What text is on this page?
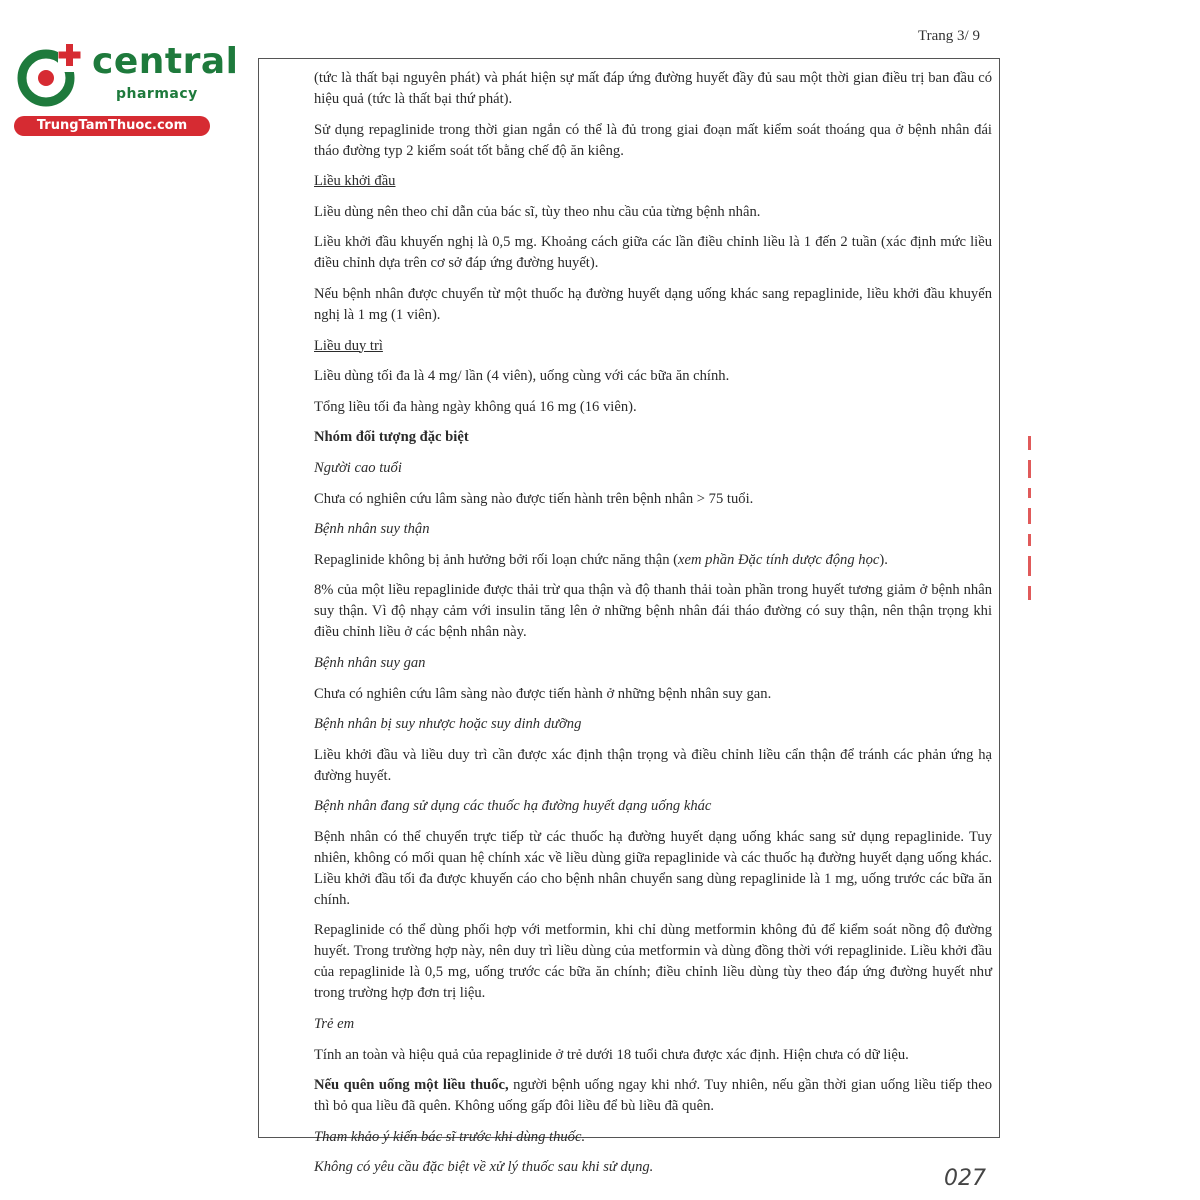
central
pharmacy
TrungTamThuoc.com
Trang 3/ 9

(tức là thất bại nguyên phát) và phát hiện sự mất đáp ứng đường huyết đầy đủ sau một thời gian điều trị ban đầu có hiệu quả (tức là thất bại thứ phát).

Sử dụng repaglinide trong thời gian ngắn có thể là đủ trong giai đoạn mất kiểm soát thoáng qua ở bệnh nhân đái tháo đường typ 2 kiểm soát tốt bằng chế độ ăn kiêng.

Liều khởi đầu

Liều dùng nên theo chỉ dẫn của bác sĩ, tùy theo nhu cầu của từng bệnh nhân.

Liều khởi đầu khuyến nghị là 0,5 mg. Khoảng cách giữa các lần điều chỉnh liều là 1 đến 2 tuần (xác định mức liều điều chỉnh dựa trên cơ sở đáp ứng đường huyết).

Nếu bệnh nhân được chuyển từ một thuốc hạ đường huyết dạng uống khác sang repaglinide, liều khởi đầu khuyến nghị là 1 mg (1 viên).

Liều duy trì

Liều dùng tối đa là 4 mg/ lần (4 viên), uống cùng với các bữa ăn chính.

Tổng liều tối đa hàng ngày không quá 16 mg (16 viên).

Nhóm đối tượng đặc biệt

Người cao tuổi

Chưa có nghiên cứu lâm sàng nào được tiến hành trên bệnh nhân > 75 tuổi.

Bệnh nhân suy thận

Repaglinide không bị ảnh hưởng bởi rối loạn chức năng thận (xem phần Đặc tính dược động học).

8% của một liều repaglinide được thải trừ qua thận và độ thanh thải toàn phần trong huyết tương giảm ở bệnh nhân suy thận. Vì độ nhạy cảm với insulin tăng lên ở những bệnh nhân đái tháo đường có suy thận, nên thận trọng khi điều chỉnh liều ở các bệnh nhân này.

Bệnh nhân suy gan

Chưa có nghiên cứu lâm sàng nào được tiến hành ở những bệnh nhân suy gan.

Bệnh nhân bị suy nhược hoặc suy dinh dưỡng

Liều khởi đầu và liều duy trì cần được xác định thận trọng và điều chỉnh liều cẩn thận để tránh các phản ứng hạ đường huyết.

Bệnh nhân đang sử dụng các thuốc hạ đường huyết dạng uống khác

Bệnh nhân có thể chuyển trực tiếp từ các thuốc hạ đường huyết dạng uống khác sang sử dụng repaglinide. Tuy nhiên, không có mối quan hệ chính xác về liều dùng giữa repaglinide và các thuốc hạ đường huyết dạng uống khác. Liều khởi đầu tối đa được khuyến cáo cho bệnh nhân chuyển sang dùng repaglinide là 1 mg, uống trước các bữa ăn chính.

Repaglinide có thể dùng phối hợp với metformin, khi chỉ dùng metformin không đủ để kiểm soát nồng độ đường huyết. Trong trường hợp này, nên duy trì liều dùng của metformin và dùng đồng thời với repaglinide. Liều khởi đầu của repaglinide là 0,5 mg, uống trước các bữa ăn chính; điều chỉnh liều dùng tùy theo đáp ứng đường huyết như trong trường hợp đơn trị liệu.

Trẻ em

Tính an toàn và hiệu quả của repaglinide ở trẻ dưới 18 tuổi chưa được xác định. Hiện chưa có dữ liệu.

Nếu quên uống một liều thuốc, người bệnh uống ngay khi nhớ. Tuy nhiên, nếu gần thời gian uống liều tiếp theo thì bỏ qua liều đã quên. Không uống gấp đôi liều để bù liều đã quên.

Tham khảo ý kiến bác sĩ trước khi dùng thuốc.

Không có yêu cầu đặc biệt về xử lý thuốc sau khi sử dụng.	027
